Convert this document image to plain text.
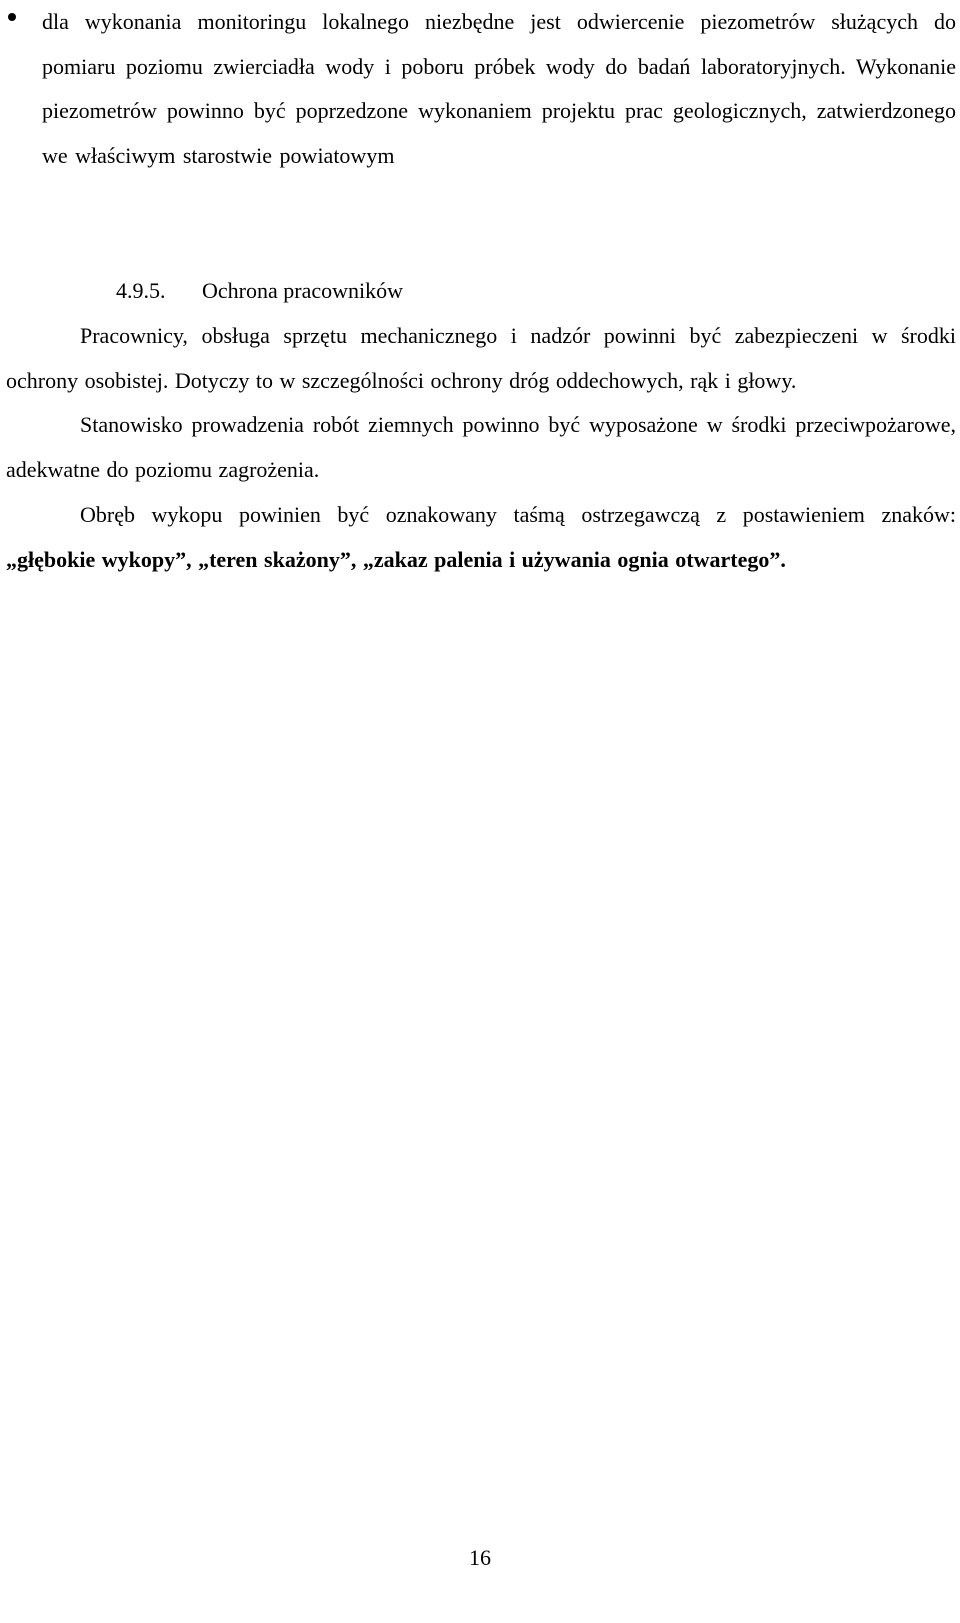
dla wykonania monitoringu lokalnego niezbędne jest odwiercenie piezometrów służących do pomiaru poziomu zwierciadła wody i poboru próbek wody do badań laboratoryjnych. Wykonanie piezometrów powinno być poprzedzone wykonaniem projektu prac geologicznych, zatwierdzonego we właściwym starostwie powiatowym
4.9.5. Ochrona pracowników

Pracownicy, obsługa sprzętu mechanicznego i nadzór powinni być zabezpieczeni w środki ochrony osobistej. Dotyczy to w szczególności ochrony dróg oddechowych, rąk i głowy.

Stanowisko prowadzenia robót ziemnych powinno być wyposażone w środki przeciwpożarowe, adekwatne do poziomu zagrożenia.

Obręb wykopu powinien być oznakowany taśmą ostrzegawczą z postawieniem znaków: „głębokie wykopy”, „teren skażony”, „zakaz palenia i używania ognia otwartego”.

16
